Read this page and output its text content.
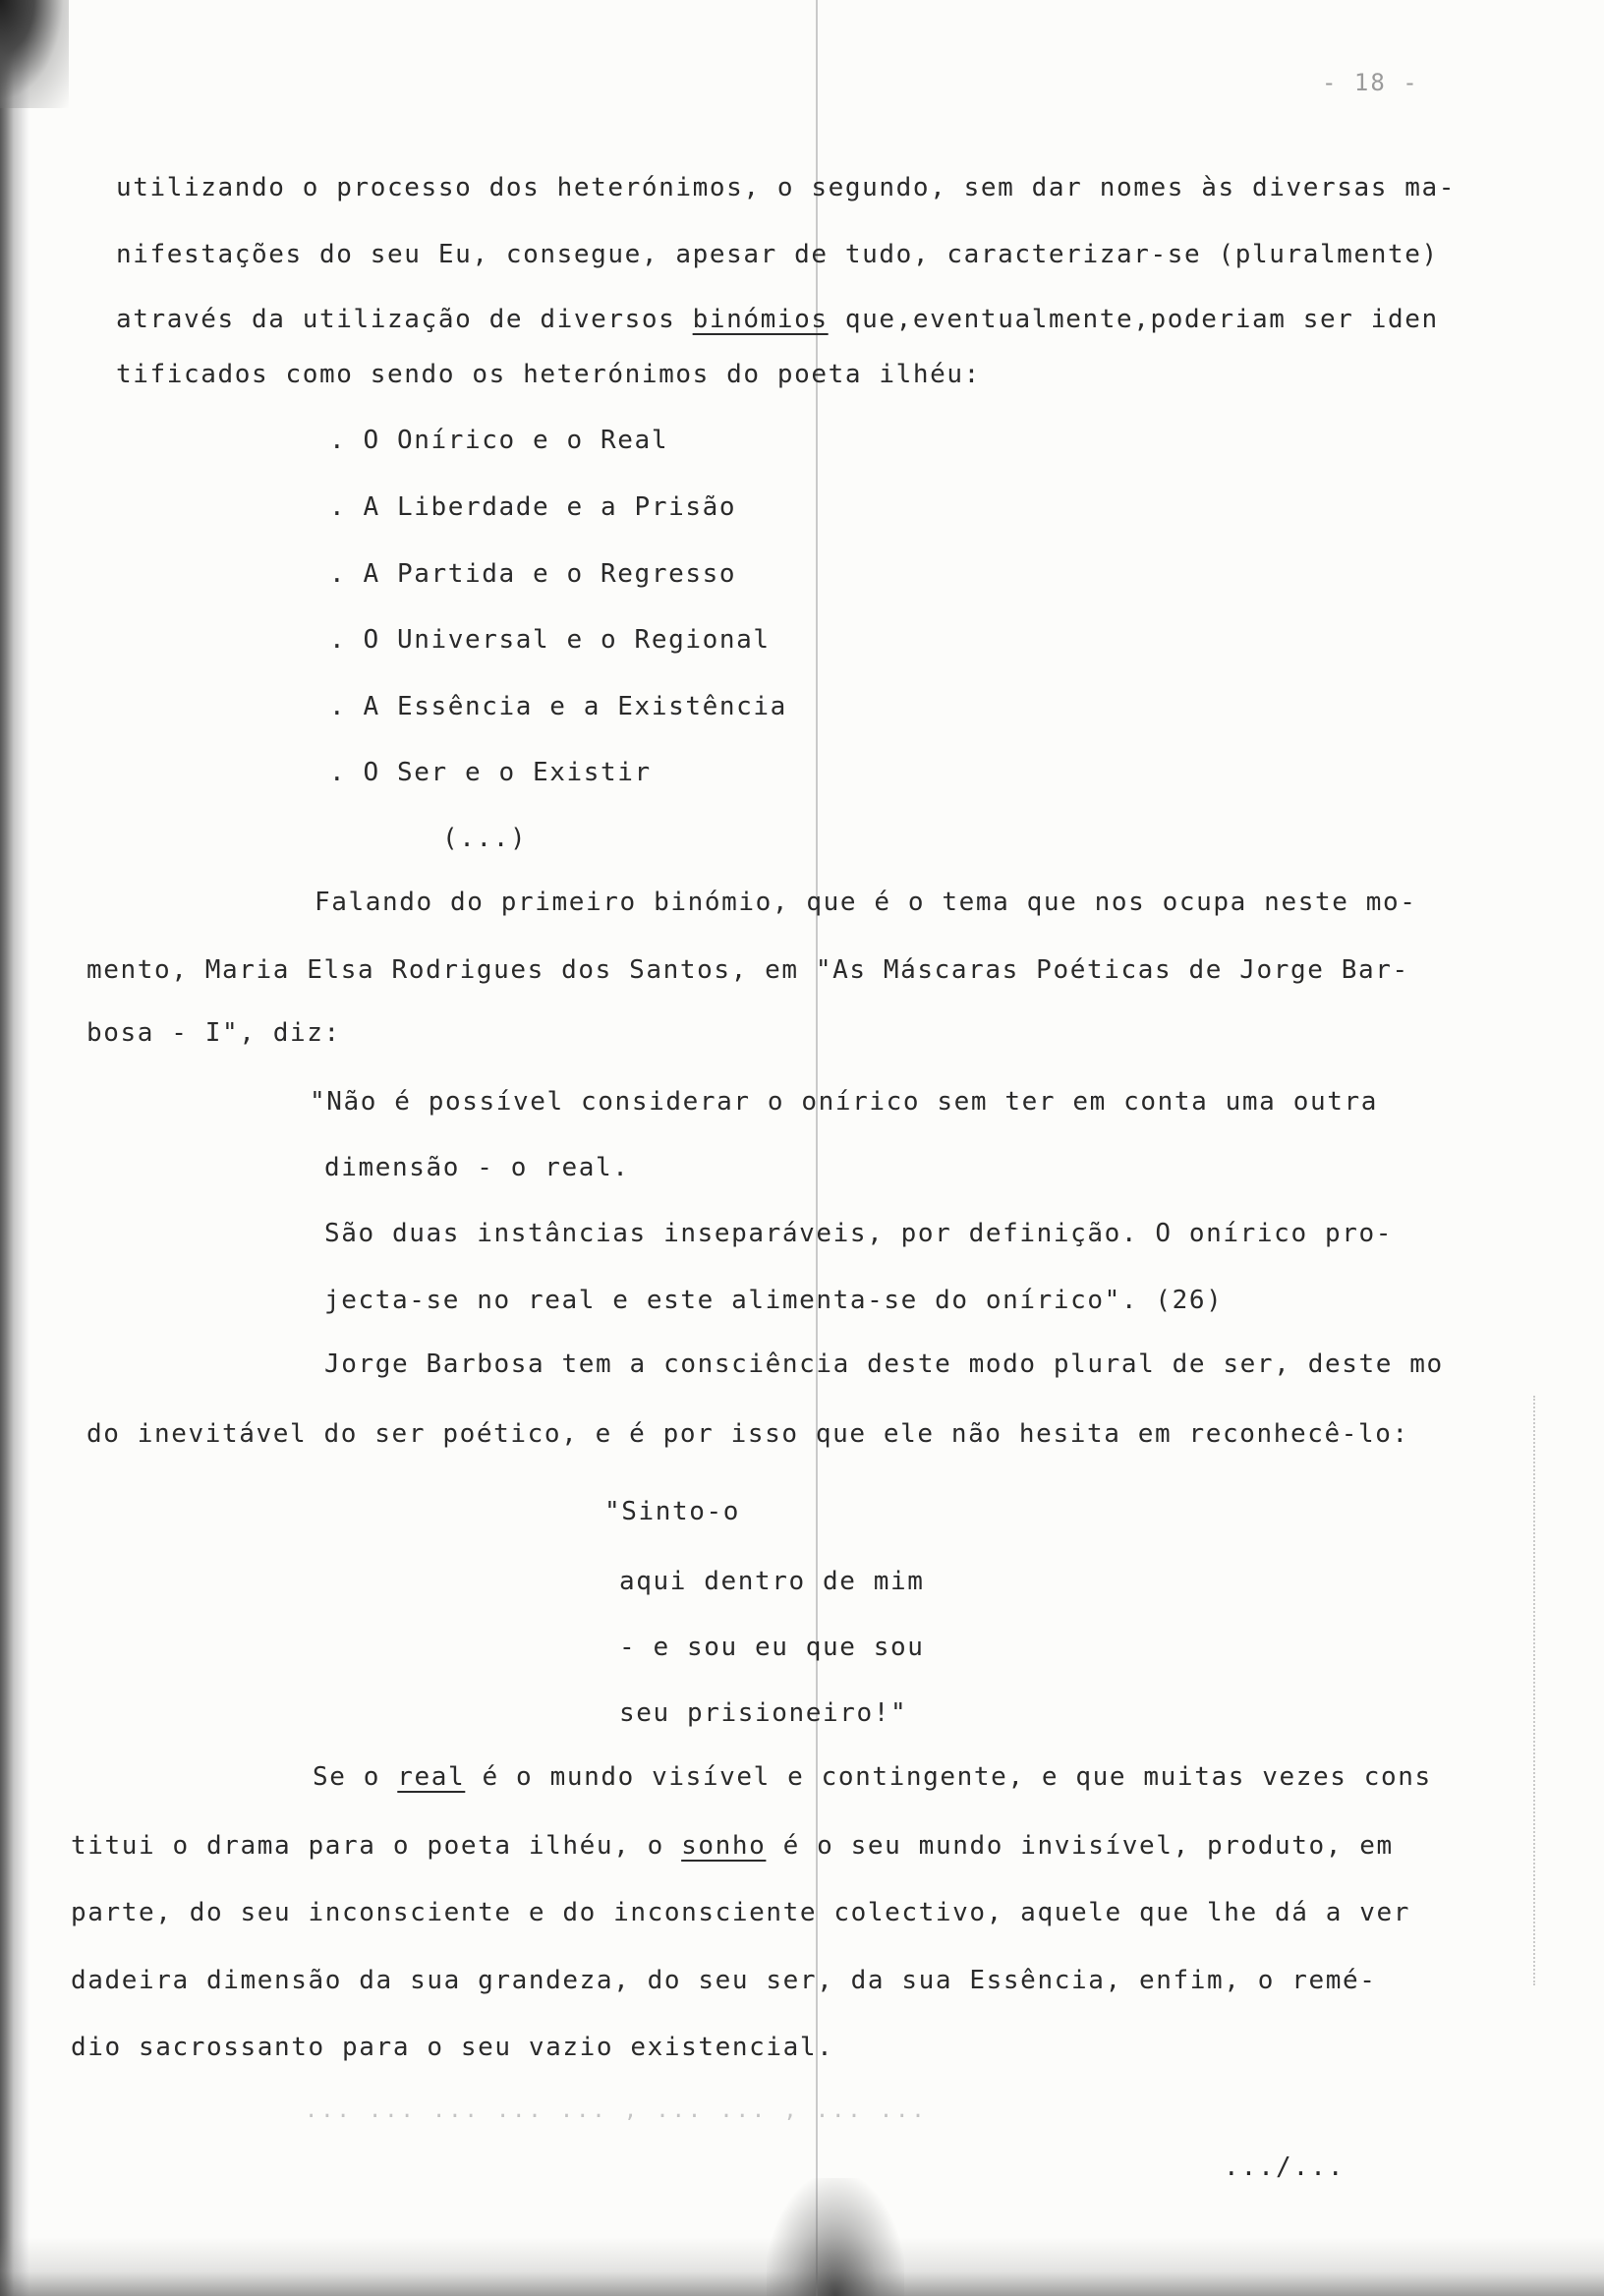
- 18 -

utilizando o processo dos heterónimos, o segundo, sem dar nomes às diversas ma-

nifestações do seu Eu, consegue, apesar de tudo, caracterizar-se (pluralmente)

através da utilização de diversos binómios que,eventualmente,poderiam ser iden

tificados como sendo os heterónimos do poeta ilhéu:

. O Onírico e o Real

. A Liberdade e a Prisão

. A Partida e o Regresso

. O Universal e o Regional

. A Essência e a Existência

. O Ser e o Existir

(...)

Falando do primeiro binómio, que é o tema que nos ocupa neste mo-

mento, Maria Elsa Rodrigues dos Santos, em "As Máscaras Poéticas de Jorge Bar-

bosa - I", diz:

"Não é possível considerar o onírico sem ter em conta uma outra

dimensão - o real.

São duas instâncias inseparáveis, por definição. O onírico pro-

jecta-se no real e este alimenta-se do onírico". (26)

Jorge Barbosa tem a consciência deste modo plural de ser, deste mo

do inevitável do ser poético, e é por isso que ele não hesita em reconhecê-lo:

"Sinto-o

aqui dentro de mim

- e sou eu que sou

seu prisioneiro!"

Se o real é o mundo visível e contingente, e que muitas vezes cons

titui o drama para o poeta ilhéu, o sonho é o seu mundo invisível, produto, em

parte, do seu inconsciente e do inconsciente colectivo, aquele que lhe dá a ver

dadeira dimensão da sua grandeza, do seu ser, da sua Essência, enfim, o remé-

dio sacrossanto para o seu vazio existencial.

... ... ... ... ... , ... ... , ... ...
.../...
